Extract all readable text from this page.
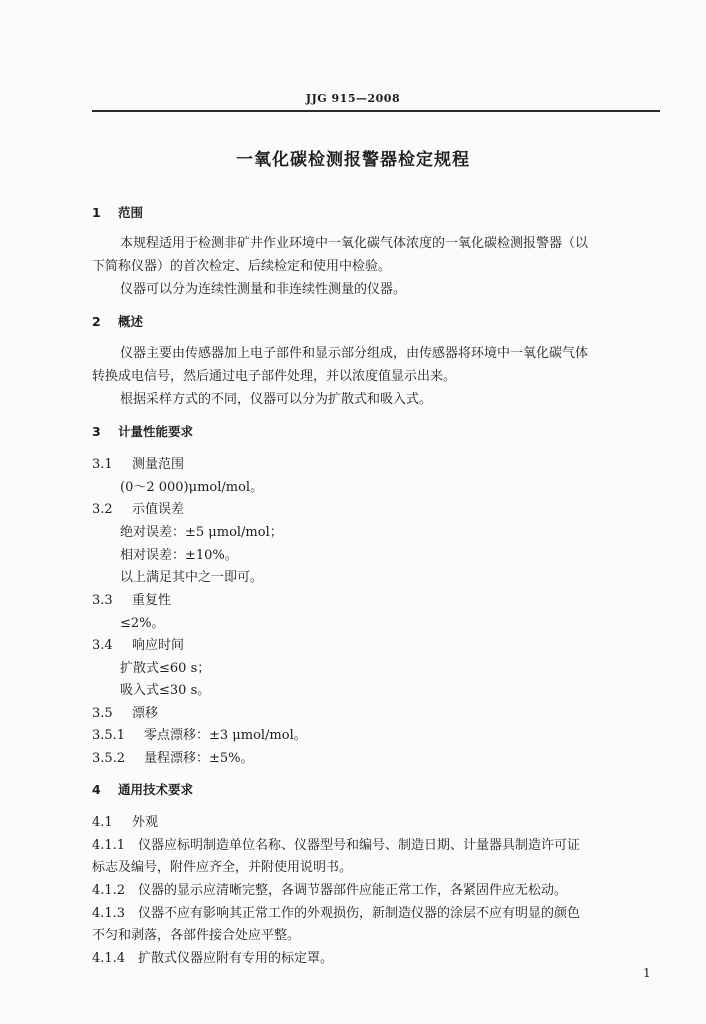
JJG 915—2008
一氧化碳检测报警器检定规程
1 范围
本规程适用于检测非矿井作业环境中一氧化碳气体浓度的一氧化碳检测报警器（以
下简称仪器）的首次检定、后续检定和使用中检验。
仪器可以分为连续性测量和非连续性测量的仪器。
2 概述
仪器主要由传感器加上电子部件和显示部分组成，由传感器将环境中一氧化碳气体
转换成电信号，然后通过电子部件处理，并以浓度值显示出来。
根据采样方式的不同，仪器可以分为扩散式和吸入式。
3 计量性能要求
3.1 测量范围
(0～2 000)μmol/mol。
3.2 示值误差
绝对误差：±5 μmol/mol；
相对误差：±10%。
以上满足其中之一即可。
3.3 重复性
≤2%。
3.4 响应时间
扩散式≤60 s；
吸入式≤30 s。
3.5 漂移
3.5.1 零点漂移：±3 μmol/mol。
3.5.2 量程漂移：±5%。
4 通用技术要求
4.1 外观
4.1.1 仪器应标明制造单位名称、仪器型号和编号、制造日期、计量器具制造许可证
标志及编号，附件应齐全，并附使用说明书。
4.1.2 仪器的显示应清晰完整，各调节器部件应能正常工作，各紧固件应无松动。
4.1.3 仪器不应有影响其正常工作的外观损伤，新制造仪器的涂层不应有明显的颜色
不匀和剥落，各部件接合处应平整。
4.1.4 扩散式仪器应附有专用的标定罩。
1
